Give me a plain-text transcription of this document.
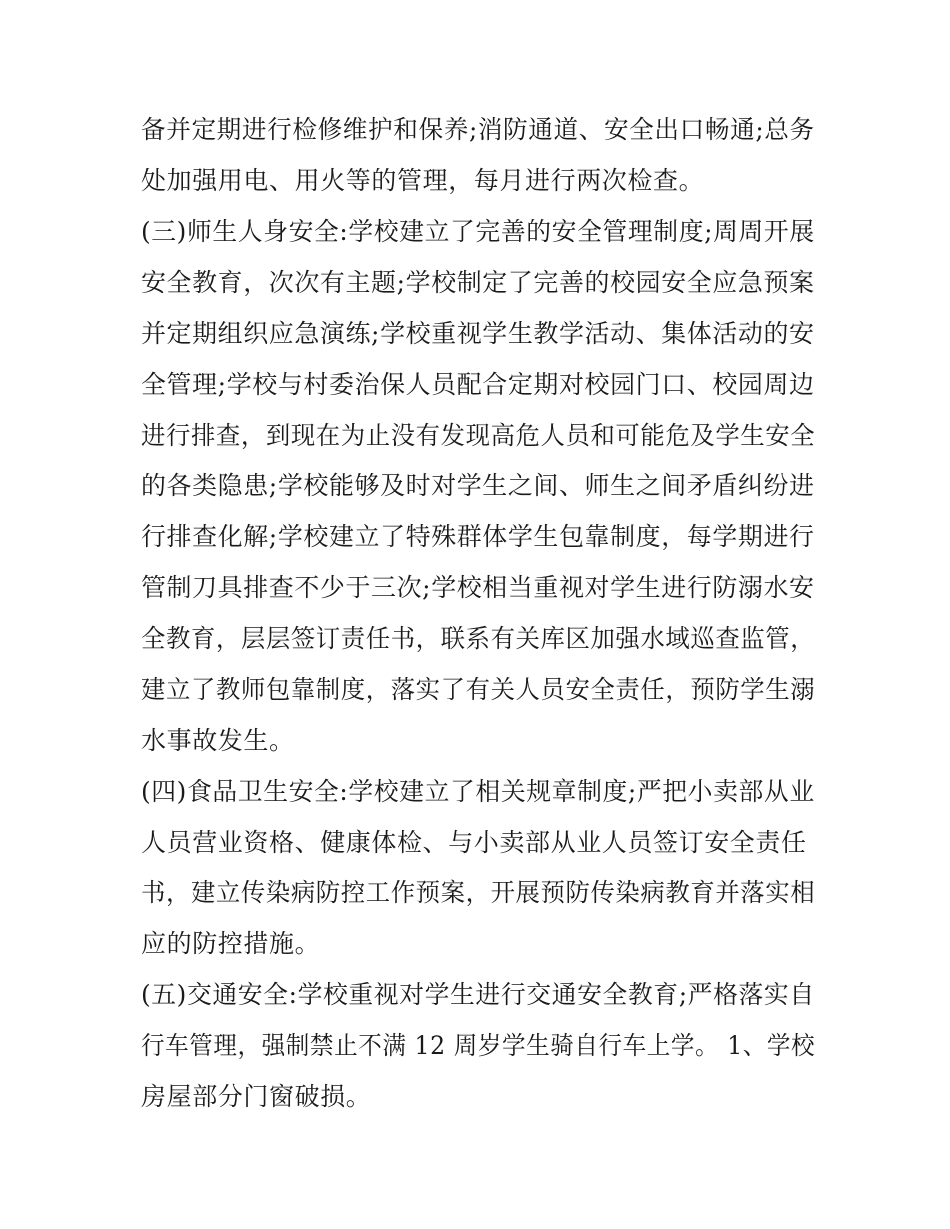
备并定期进行检修维护和保养;消防通道、安全出口畅通;总务
处加强用电、用火等的管理，每月进行两次检查。
(三)师生人身安全:学校建立了完善的安全管理制度;周周开展
安全教育，次次有主题;学校制定了完善的校园安全应急预案
并定期组织应急演练;学校重视学生教学活动、集体活动的安
全管理;学校与村委治保人员配合定期对校园门口、校园周边
进行排查，到现在为止没有发现高危人员和可能危及学生安全
的各类隐患;学校能够及时对学生之间、师生之间矛盾纠纷进
行排查化解;学校建立了特殊群体学生包靠制度，每学期进行
管制刀具排查不少于三次;学校相当重视对学生进行防溺水安
全教育，层层签订责任书，联系有关库区加强水域巡查监管，
建立了教师包靠制度，落实了有关人员安全责任，预防学生溺
水事故发生。
(四)食品卫生安全:学校建立了相关规章制度;严把小卖部从业
人员营业资格、健康体检、与小卖部从业人员签订安全责任
书，建立传染病防控工作预案，开展预防传染病教育并落实相
应的防控措施。
(五)交通安全:学校重视对学生进行交通安全教育;严格落实自
行车管理，强制禁止不满 12 周岁学生骑自行车上学。 1、学校
房屋部分门窗破损。
